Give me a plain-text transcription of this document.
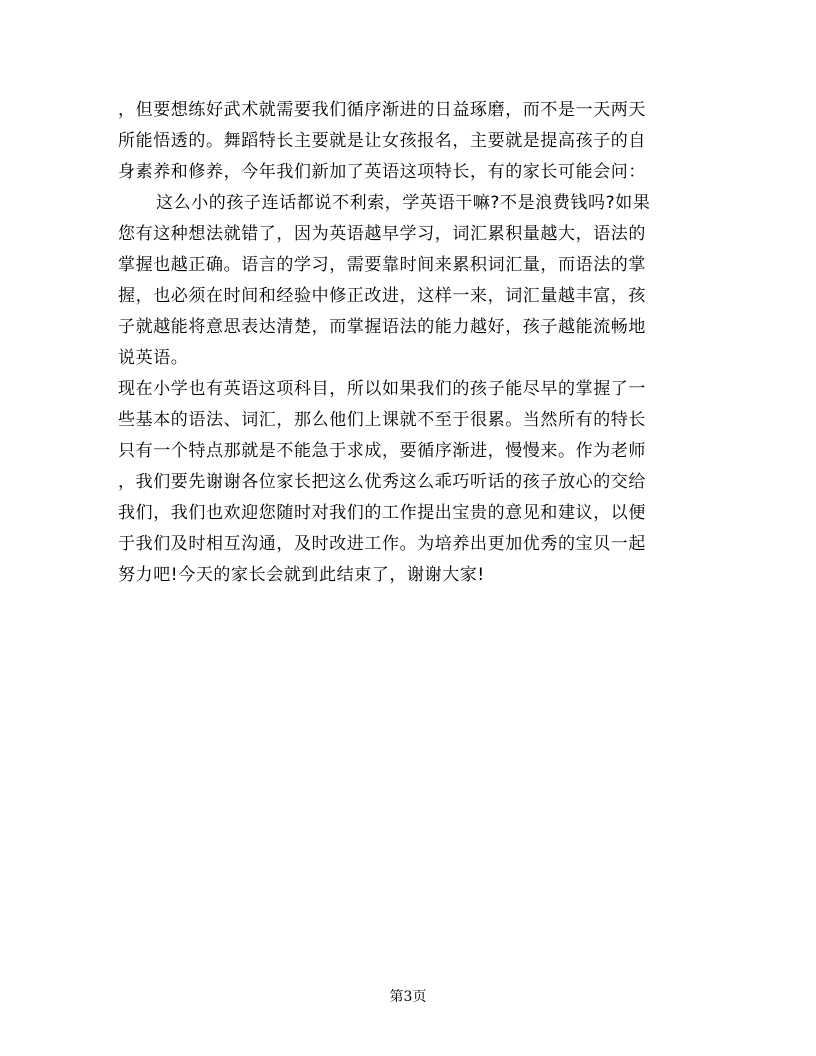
，但要想练好武术就需要我们循序渐进的日益琢磨，而不是一天两天
所能悟透的。舞蹈特长主要就是让女孩报名，主要就是提高孩子的自
身素养和修养，今年我们新加了英语这项特长，有的家长可能会问：

这么小的孩子连话都说不利索，学英语干嘛?不是浪费钱吗?如果
您有这种想法就错了，因为英语越早学习，词汇累积量越大，语法的
掌握也越正确。语言的学习，需要靠时间来累积词汇量，而语法的掌
握，也必须在时间和经验中修正改进，这样一来，词汇量越丰富，孩
子就越能将意思表达清楚，而掌握语法的能力越好，孩子越能流畅地
说英语。

现在小学也有英语这项科目，所以如果我们的孩子能尽早的掌握了一
些基本的语法、词汇，那么他们上课就不至于很累。当然所有的特长
只有一个特点那就是不能急于求成，要循序渐进，慢慢来。作为老师
，我们要先谢谢各位家长把这么优秀这么乖巧听话的孩子放心的交给
我们，我们也欢迎您随时对我们的工作提出宝贵的意见和建议，以便
于我们及时相互沟通，及时改进工作。为培养出更加优秀的宝贝一起
努力吧!今天的家长会就到此结束了，谢谢大家!

第3页
